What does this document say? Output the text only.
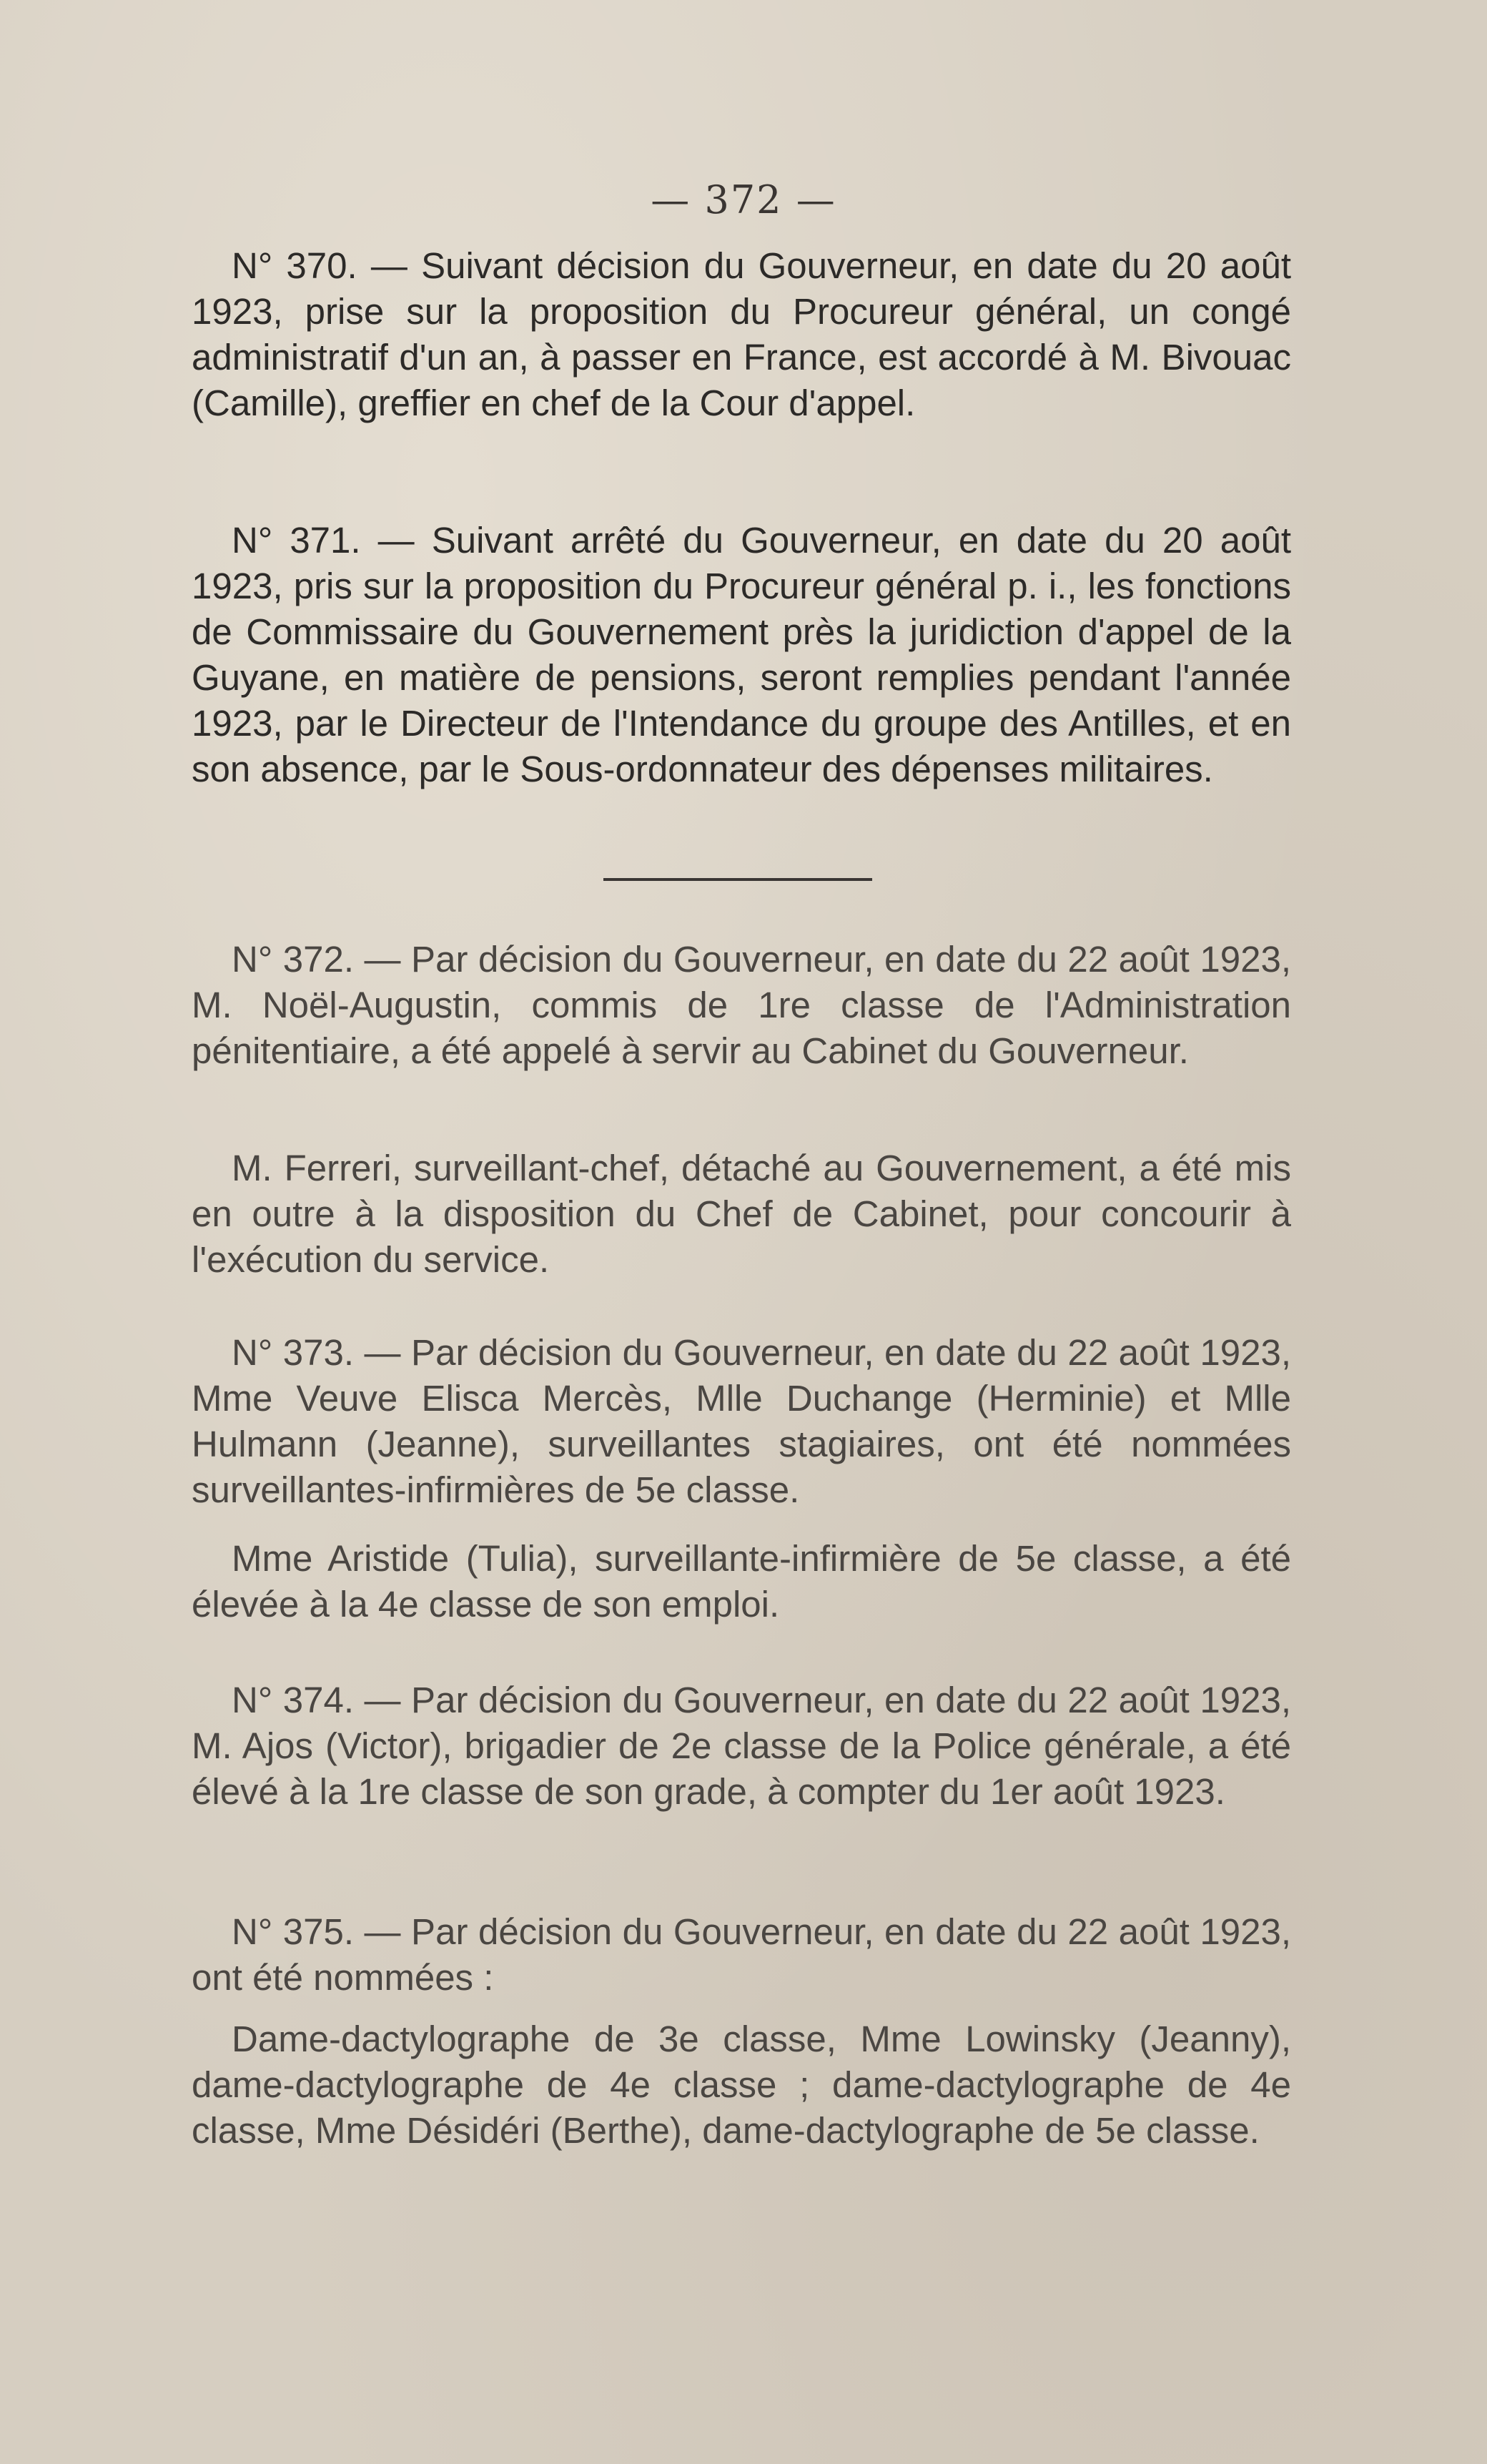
— 372 —

N° 370. — Suivant décision du Gouverneur, en date du 20 août 1923, prise sur la proposition du Procureur général, un congé administratif d'un an, à passer en France, est accordé à M. Bivouac (Camille), greffier en chef de la Cour d'appel.

N° 371. — Suivant arrêté du Gouverneur, en date du 20 août 1923, pris sur la proposition du Procureur général p. i., les fonctions de Commissaire du Gouvernement près la juridiction d'appel de la Guyane, en matière de pensions, seront remplies pendant l'année 1923, par le Directeur de l'Intendance du groupe des Antilles, et en son absence, par le Sous-ordonnateur des dépenses militaires.

N° 372. — Par décision du Gouverneur, en date du 22 août 1923, M. Noël-Augustin, commis de 1re classe de l'Administration pénitentiaire, a été appelé à servir au Cabinet du Gouverneur.

M. Ferreri, surveillant-chef, détaché au Gouvernement, a été mis en outre à la disposition du Chef de Cabinet, pour concourir à l'exécution du service.

N° 373. — Par décision du Gouverneur, en date du 22 août 1923, Mme Veuve Elisca Mercès, Mlle Duchange (Herminie) et Mlle Hulmann (Jeanne), surveillantes stagiaires, ont été nommées surveillantes-infirmières de 5e classe.

Mme Aristide (Tulia), surveillante-infirmière de 5e classe, a été élevée à la 4e classe de son emploi.

N° 374. — Par décision du Gouverneur, en date du 22 août 1923, M. Ajos (Victor), brigadier de 2e classe de la Police générale, a été élevé à la 1re classe de son grade, à compter du 1er août 1923.

N° 375. — Par décision du Gouverneur, en date du 22 août 1923, ont été nommées :

Dame-dactylographe de 3e classe, Mme Lowinsky (Jeanny), dame-dactylographe de 4e classe ; dame-dactylographe de 4e classe, Mme Désidéri (Berthe), dame-dactylographe de 5e classe.
